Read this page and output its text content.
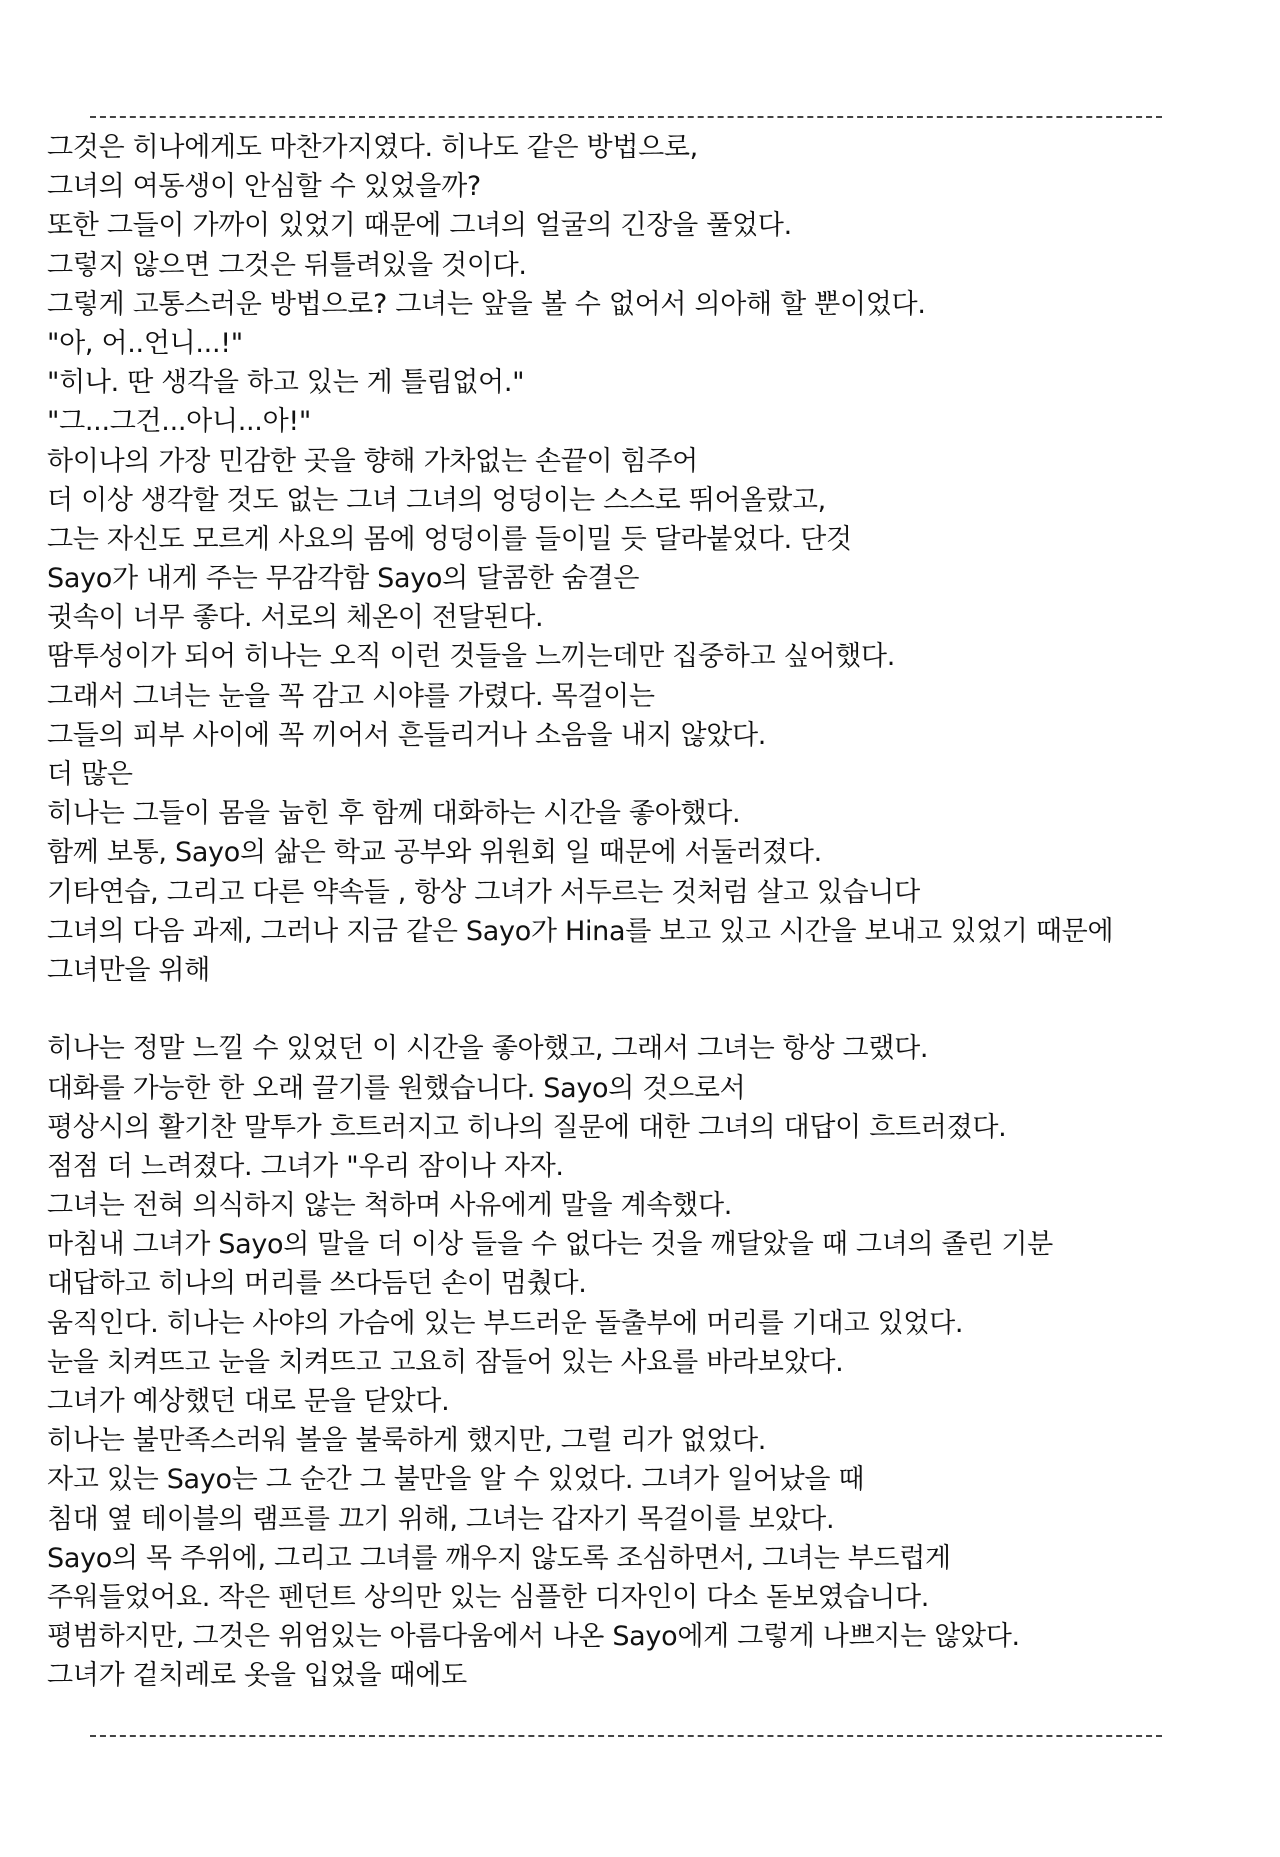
그것은 히나에게도 마찬가지였다. 히나도 같은 방법으로,
그녀의 여동생이 안심할 수 있었을까?
또한 그들이 가까이 있었기 때문에 그녀의 얼굴의 긴장을 풀었다.
그렇지 않으면 그것은 뒤틀려있을 것이다.
그렇게 고통스러운 방법으로? 그녀는 앞을 볼 수 없어서 의아해 할 뿐이었다.
"아, 어..언니...!"
"히나. 딴 생각을 하고 있는 게 틀림없어."
"그...그건...아니...아!"
하이나의 가장 민감한 곳을 향해 가차없는 손끝이 힘주어
더 이상 생각할 것도 없는 그녀 그녀의 엉덩이는 스스로 뛰어올랐고,
그는 자신도 모르게 사요의 몸에 엉덩이를 들이밀 듯 달라붙었다. 단것
Sayo가 내게 주는 무감각함 Sayo의 달콤한 숨결은
귓속이 너무 좋다. 서로의 체온이 전달된다.
땀투성이가 되어 히나는 오직 이런 것들을 느끼는데만 집중하고 싶어했다.
그래서 그녀는 눈을 꼭 감고 시야를 가렸다. 목걸이는
그들의 피부 사이에 꼭 끼어서 흔들리거나 소음을 내지 않았다.
더 많은
히나는 그들이 몸을 눕힌 후 함께 대화하는 시간을 좋아했다.
함께 보통, Sayo의 삶은 학교 공부와 위원회 일 때문에 서둘러졌다.
기타연습, 그리고 다른 약속들 , 항상 그녀가 서두르는 것처럼 살고 있습니다
그녀의 다음 과제, 그러나 지금 같은 Sayo가 Hina를 보고 있고 시간을 보내고 있었기 때문에
그녀만을 위해
히나는 정말 느낄 수 있었던 이 시간을 좋아했고, 그래서 그녀는 항상 그랬다.
대화를 가능한 한 오래 끌기를 원했습니다. Sayo의 것으로서
평상시의 활기찬 말투가 흐트러지고 히나의 질문에 대한 그녀의 대답이 흐트러졌다.
점점 더 느려졌다. 그녀가 "우리 잠이나 자자.
그녀는 전혀 의식하지 않는 척하며 사유에게 말을 계속했다.
마침내 그녀가 Sayo의 말을 더 이상 들을 수 없다는 것을 깨달았을 때 그녀의 졸린 기분
대답하고 히나의 머리를 쓰다듬던 손이 멈췄다.
움직인다. 히나는 사야의 가슴에 있는 부드러운 돌출부에 머리를 기대고 있었다.
눈을 치켜뜨고 눈을 치켜뜨고 고요히 잠들어 있는 사요를 바라보았다.
그녀가 예상했던 대로 문을 닫았다.
히나는 불만족스러워 볼을 불룩하게 했지만, 그럴 리가 없었다.
자고 있는 Sayo는 그 순간 그 불만을 알 수 있었다. 그녀가 일어났을 때
침대 옆 테이블의 램프를 끄기 위해, 그녀는 갑자기 목걸이를 보았다.
Sayo의 목 주위에, 그리고 그녀를 깨우지 않도록 조심하면서, 그녀는 부드럽게
주워들었어요. 작은 펜던트 상의만 있는 심플한 디자인이 다소 돋보였습니다.
평범하지만, 그것은 위엄있는 아름다움에서 나온 Sayo에게 그렇게 나쁘지는 않았다.
그녀가 겉치레로 옷을 입었을 때에도
